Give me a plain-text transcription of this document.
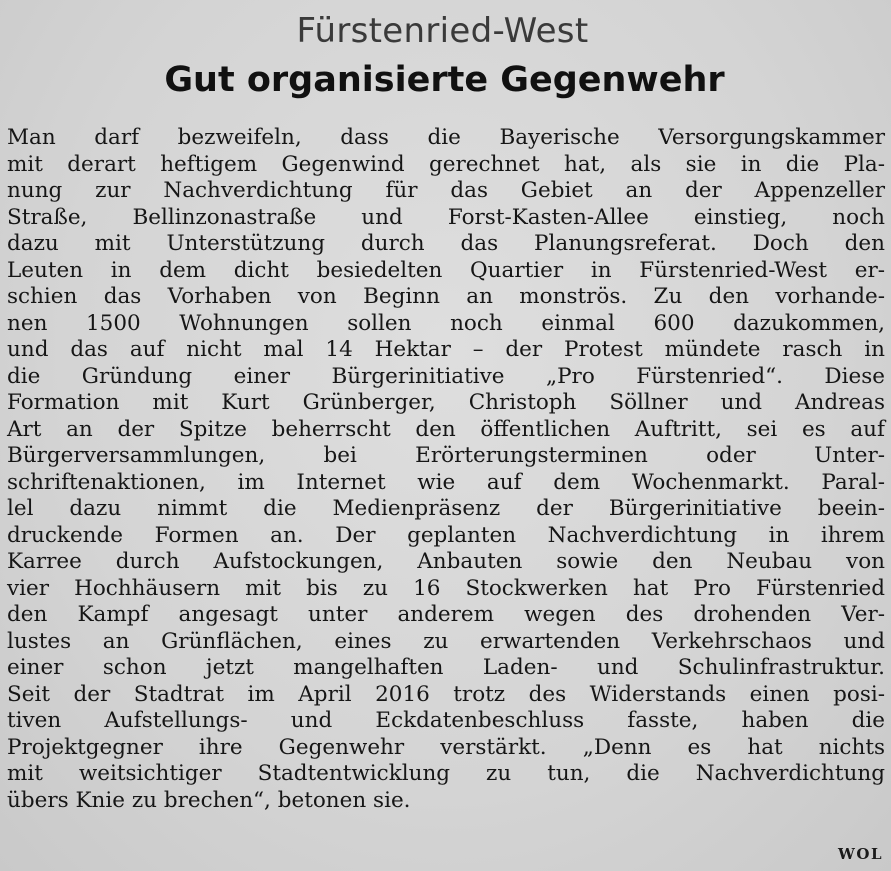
Fürstenried-West
Gut organisierte Gegenwehr

Man darf bezweifeln, dass die Bayerische Versorgungskammer
mit derart heftigem Gegenwind gerechnet hat, als sie in die Pla-
nung zur Nachverdichtung für das Gebiet an der Appenzeller
Straße, Bellinzonastraße und Forst-Kasten-Allee einstieg, noch
dazu mit Unterstützung durch das Planungsreferat. Doch den
Leuten in dem dicht besiedelten Quartier in Fürstenried-West er-
schien das Vorhaben von Beginn an monströs. Zu den vorhande-
nen 1500 Wohnungen sollen noch einmal 600 dazukommen,
und das auf nicht mal 14 Hektar – der Protest mündete rasch in
die Gründung einer Bürgerinitiative „Pro Fürstenried“. Diese
Formation mit Kurt Grünberger, Christoph Söllner und Andreas
Art an der Spitze beherrscht den öffentlichen Auftritt, sei es auf
Bürgerversammlungen, bei Erörterungsterminen oder Unter-
schriftenaktionen, im Internet wie auf dem Wochenmarkt. Paral-
lel dazu nimmt die Medienpräsenz der Bürgerinitiative beein-
druckende Formen an. Der geplanten Nachverdichtung in ihrem
Karree durch Aufstockungen, Anbauten sowie den Neubau von
vier Hochhäusern mit bis zu 16 Stockwerken hat Pro Fürstenried
den Kampf angesagt unter anderem wegen des drohenden Ver-
lustes an Grünflächen, eines zu erwartenden Verkehrschaos und
einer schon jetzt mangelhaften Laden- und Schulinfrastruktur.
Seit der Stadtrat im April 2016 trotz des Widerstands einen posi-
tiven Aufstellungs- und Eckdatenbeschluss fasste, haben die
Projektgegner ihre Gegenwehr verstärkt. „Denn es hat nichts
mit weitsichtiger Stadtentwicklung zu tun, die Nachverdichtung
übers Knie zu brechen“, betonen sie.

WOL
